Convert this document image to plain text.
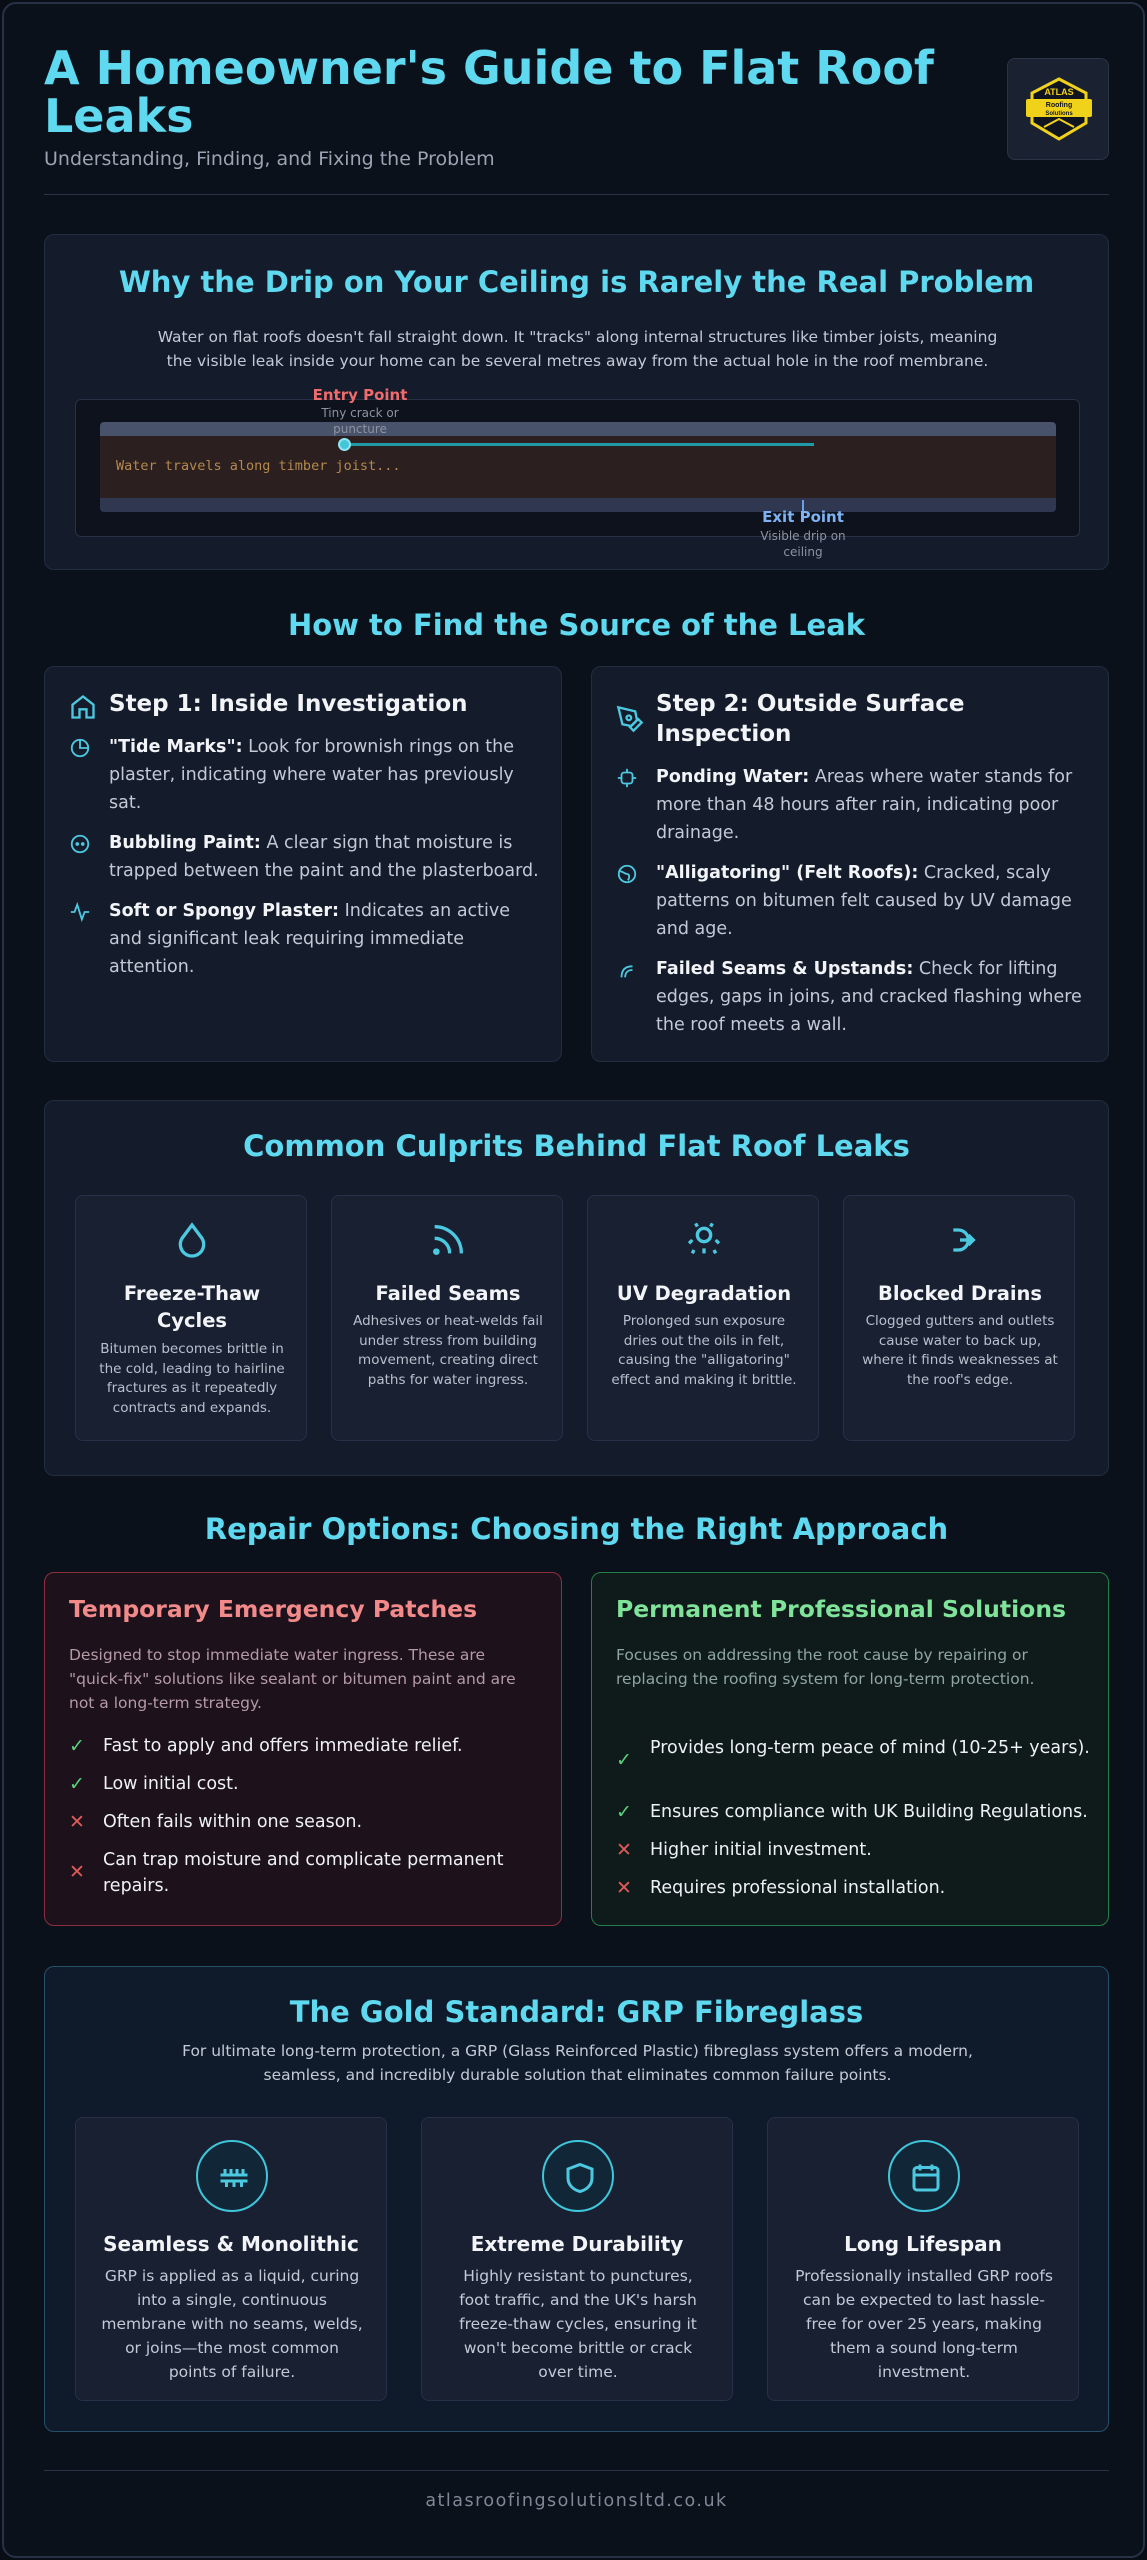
A Homeowner's Guide to Flat Roof Leaks
Understanding, Finding, and Fixing the Problem
ATLAS
Roofing
Solutions
Why the Drip on Your Ceiling is Rarely the Real Problem
Water on flat roofs doesn't fall straight down. It "tracks" along internal structures like timber joists, meaning the visible leak inside your home can be several metres away from the actual hole in the roof membrane.
Water travels along timber joist...
Entry Point
Tiny crack or puncture
Exit Point
Visible drip on ceiling
How to Find the Source of the Leak
Step 1: Inside Investigation

"Tide Marks": Look for brownish rings on the plaster, indicating where water has previously sat.

Bubbling Paint: A clear sign that moisture is trapped between the paint and the plasterboard.

Soft or Spongy Plaster: Indicates an active and significant leak requiring immediate attention.

Step 2: Outside Surface Inspection

Ponding Water: Areas where water stands for more than 48 hours after rain, indicating poor drainage.

"Alligatoring" (Felt Roofs): Cracked, scaly patterns on bitumen felt caused by UV damage and age.

Failed Seams & Upstands: Check for lifting edges, gaps in joins, and cracked flashing where the roof meets a wall.

Common Culprits Behind Flat Roof Leaks
Freeze-Thaw Cycles
Bitumen becomes brittle in the cold, leading to hairline fractures as it repeatedly contracts and expands.
Failed Seams
Adhesives or heat-welds fail under stress from building movement, creating direct paths for water ingress.
UV Degradation
Prolonged sun exposure dries out the oils in felt, causing the "alligatoring" effect and making it brittle.
Blocked Drains
Clogged gutters and outlets cause water to back up, where it finds weaknesses at the roof's edge.
Repair Options: Choosing the Right Approach
Temporary Emergency Patches
Designed to stop immediate water ingress. These are "quick-fix" solutions like sealant or bitumen paint and are not a long-term strategy.
✓ Fast to apply and offers immediate relief.
✓ Low initial cost.
✕ Often fails within one season.
✕
Can trap moisture and complicate permanent repairs.
Permanent Professional Solutions
Focuses on addressing the root cause by repairing or replacing the roofing system for long-term protection.
✓
Provides long-term peace of mind (10-25+ years).
✓ Ensures compliance with UK Building Regulations.
✕ Higher initial investment.
✕ Requires professional installation.
The Gold Standard: GRP Fibreglass
For ultimate long-term protection, a GRP (Glass Reinforced Plastic) fibreglass system offers a modern, seamless, and incredibly durable solution that eliminates common failure points.
Seamless & Monolithic
GRP is applied as a liquid, curing into a single, continuous membrane with no seams, welds, or joins—the most common points of failure.
Extreme Durability
Highly resistant to punctures, foot traffic, and the UK's harsh freeze-thaw cycles, ensuring it won't become brittle or crack over time.
Long Lifespan
Professionally installed GRP roofs can be expected to last hassle-free for over 25 years, making them a sound long-term investment.
atlasroofingsolutionsltd.co.uk
